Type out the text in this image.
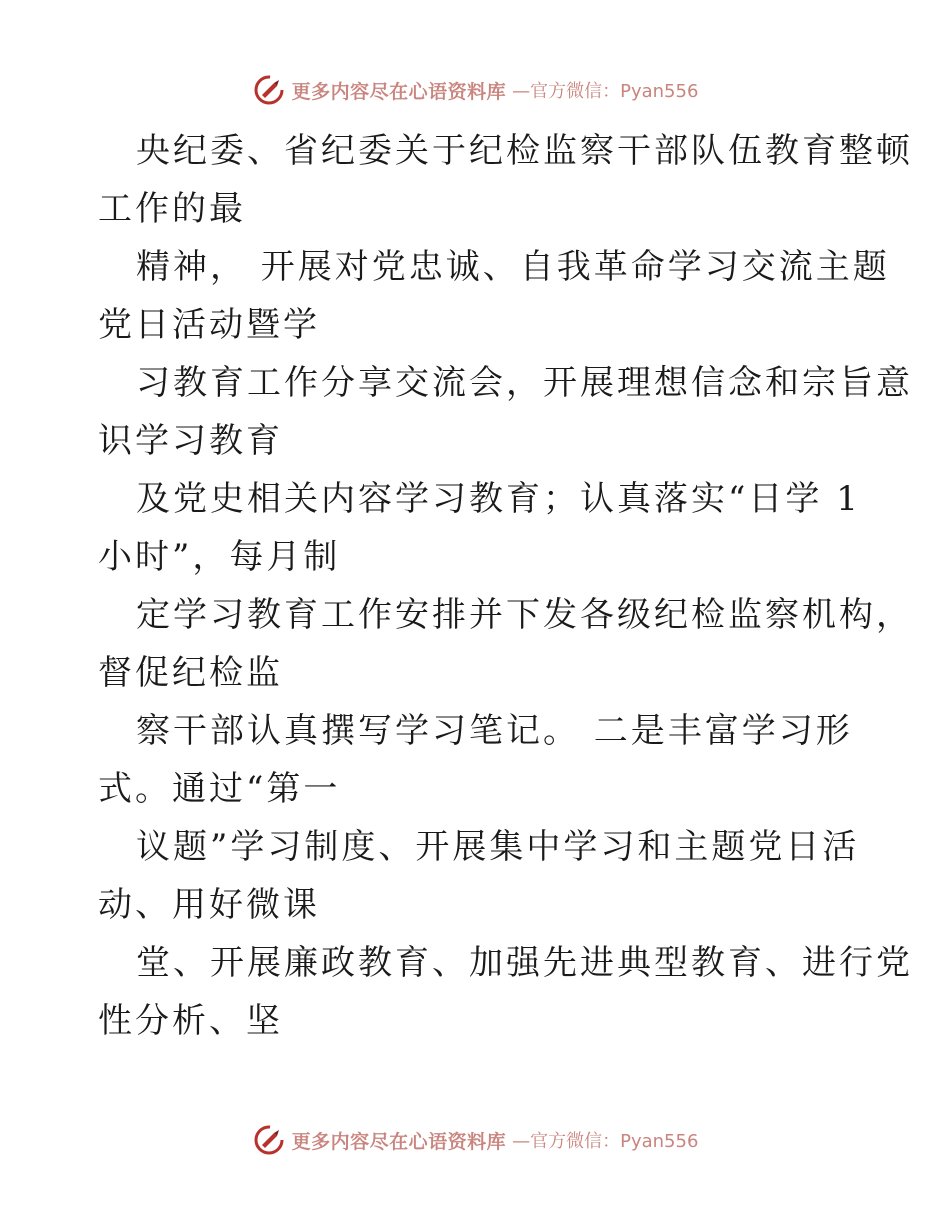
更多内容尽在心语资料库 —官方微信：Pyan556
央纪委、省纪委关于纪检监察干部队伍教育整顿
工作的最
精神， 开展对党忠诚、自我革命学习交流主题
党日活动暨学
习教育工作分享交流会，开展理想信念和宗旨意
识学习教育
及党史相关内容学习教育；认真落实“日学 1
小时”，每月制
定学习教育工作安排并下发各级纪检监察机构，
督促纪检监
察干部认真撰写学习笔记。 二是丰富学习形
式。通过“第一
议题”学习制度、开展集中学习和主题党日活
动、用好微课
堂、开展廉政教育、加强先进典型教育、进行党
性分析、坚
更多内容尽在心语资料库 —官方微信：Pyan556
